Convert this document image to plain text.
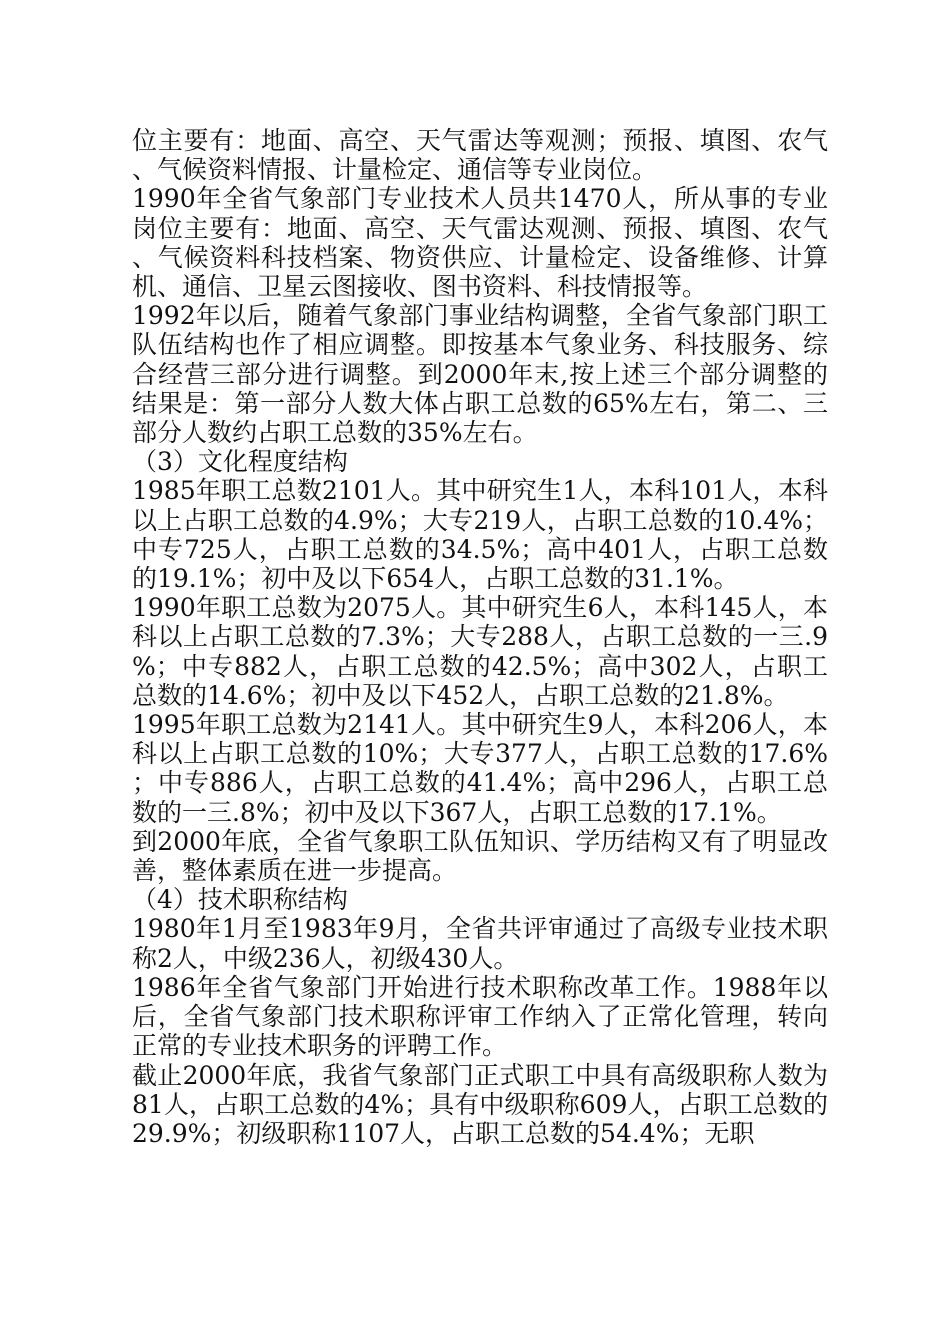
位主要有：地面、高空、天气雷达等观测；预报、填图、农气、气候资料情报、计量检定、通信等专业岗位。

1990年全省气象部门专业技术人员共1470人，所从事的专业岗位主要有：地面、高空、天气雷达观测、预报、填图、农气、气候资料科技档案、物资供应、计量检定、设备维修、计算机、通信、卫星云图接收、图书资料、科技情报等。

1992年以后，随着气象部门事业结构调整，全省气象部门职工队伍结构也作了相应调整。即按基本气象业务、科技服务、综合经营三部分进行调整。到2000年末,按上述三个部分调整的结果是：第一部分人数大体占职工总数的65%左右，第二、三部分人数约占职工总数的35%左右。

（3）文化程度结构

1985年职工总数2101人。其中研究生1人，本科101人，本科以上占职工总数的4.9%；大专219人，占职工总数的10.4%；中专725人，占职工总数的34.5%；高中401人，占职工总数的19.1%；初中及以下654人，占职工总数的31.1%。

1990年职工总数为2075人。其中研究生6人，本科145人，本科以上占职工总数的7.3%；大专288人，占职工总数的一三.9%；中专882人，占职工总数的42.5%；高中302人，占职工总数的14.6%；初中及以下452人，占职工总数的21.8%。

1995年职工总数为2141人。其中研究生9人，本科206人，本科以上占职工总数的10%；大专377人，占职工总数的17.6%；中专886人，占职工总数的41.4%；高中296人，占职工总数的一三.8%；初中及以下367人，占职工总数的17.1%。

到2000年底，全省气象职工队伍知识、学历结构又有了明显改善，整体素质在进一步提高。

（4）技术职称结构

1980年1月至1983年9月，全省共评审通过了高级专业技术职称2人，中级236人，初级430人。

1986年全省气象部门开始进行技术职称改革工作。1988年以后，全省气象部门技术职称评审工作纳入了正常化管理，转向正常的专业技术职务的评聘工作。

截止2000年底，我省气象部门正式职工中具有高级职称人数为81人，占职工总数的4%；具有中级职称609人，占职工总数的29.9%；初级职称1107人，占职工总数的54.4%；无职
